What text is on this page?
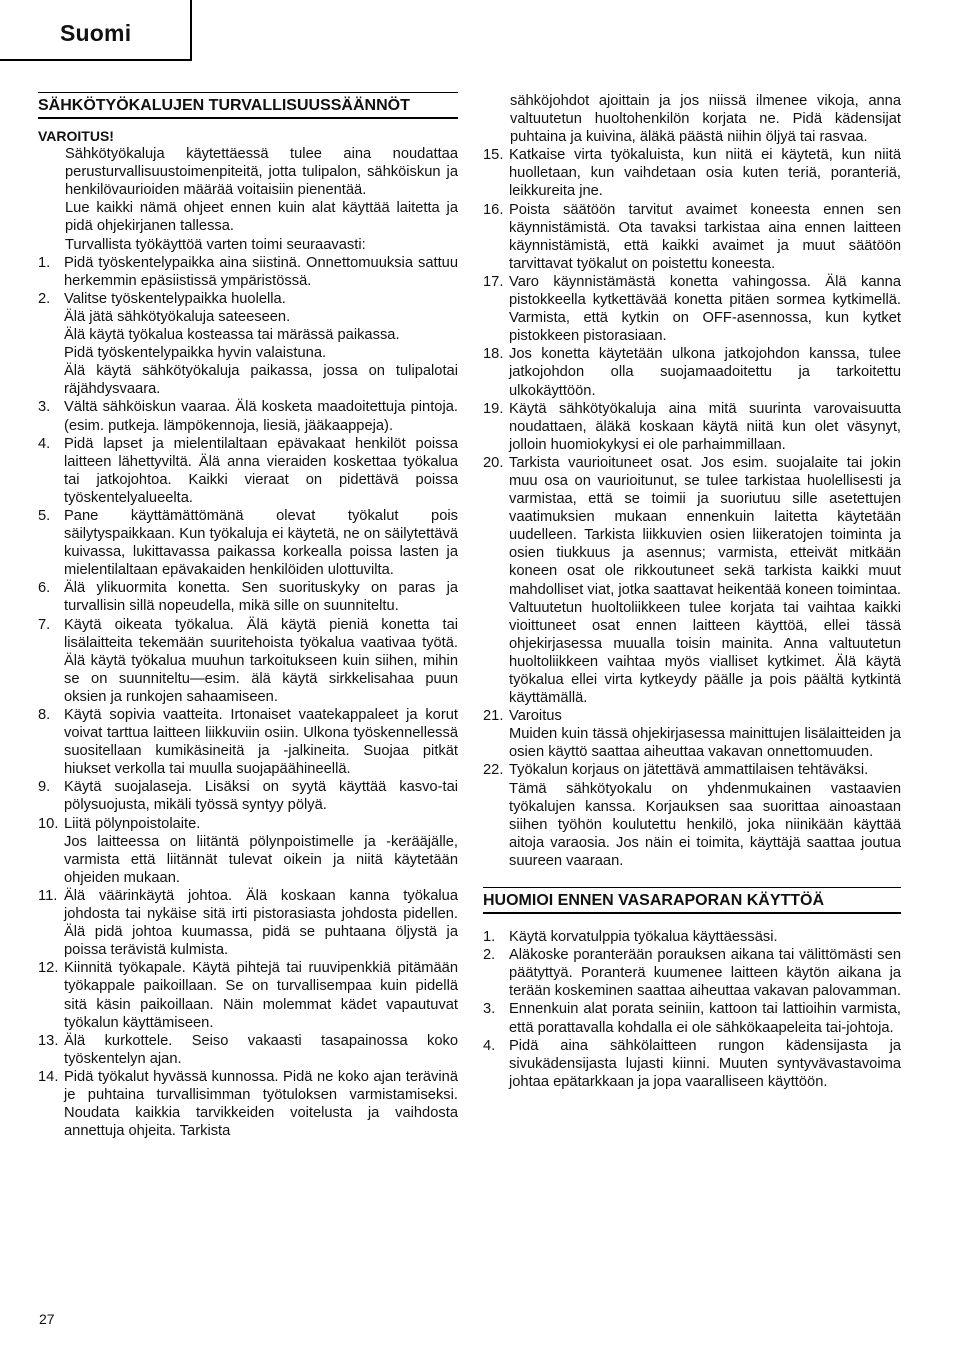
Suomi
SÄHKÖTYÖKALUJEN TURVALLISUUSSÄÄNNÖT

VAROITUS!

Sähkötyökaluja käytettäessä tulee aina noudattaa perusturvallisuustoimenpiteitä, jotta tulipalon, sähköiskun ja henkilövaurioiden määrää voitaisiin pienentää.

Lue kaikki nämä ohjeet ennen kuin alat käyttää laitetta ja pidä ohjekirjanen tallessa.

Turvallista työkäyttöä varten toimi seuraavasti:

1. Pidä työskentelypaikka aina siistinä. Onnettomuuksia sattuu herkemmin epäsiistissä ympäristössä.

2. Valitse työskentelypaikka huolella.

Älä jätä sähkötyökaluja sateeseen.

Älä käytä työkalua kosteassa tai märässä paikassa.

Pidä työskentelypaikka hyvin valaistuna.

Älä käytä sähkötyökaluja paikassa, jossa on tulipalotai räjähdysvaara.

3. Vältä sähköiskun vaaraa. Älä kosketa maadoitettuja pintoja. (esim. putkeja. lämpökennoja, liesiä, jääkaappeja).

4. Pidä lapset ja mielentilaltaan epävakaat henkilöt poissa laitteen lähettyviltä. Älä anna vieraiden koskettaa työkalua tai jatkojohtoa. Kaikki vieraat on pidettävä poissa työskentelyalueelta.

5. Pane käyttämättömänä olevat työkalut pois säilytyspaikkaan. Kun työkaluja ei käytetä, ne on säilytettävä kuivassa, lukittavassa paikassa korkealla poissa lasten ja mielentilaltaan epävakaiden henkilöiden ulottuvilta.

6. Älä ylikuormita konetta. Sen suorituskyky on paras ja turvallisin sillä nopeudella, mikä sille on suunniteltu.

7. Käytä oikeata työkalua. Älä käytä pieniä konetta tai lisälaitteita tekemään suuritehoista työkalua vaativaa työtä. Älä käytä työkalua muuhun tarkoitukseen kuin siihen, mihin se on suunniteltu—esim. älä käytä sirkkelisahaa puun oksien ja runkojen sahaamiseen.

8. Käytä sopivia vaatteita. Irtonaiset vaatekappaleet ja korut voivat tarttua laitteen liikkuviin osiin. Ulkona työskennellessä suositellaan kumikäsineitä ja -jalkineita. Suojaa pitkät hiukset verkolla tai muulla suojapäähineellä.

9. Käytä suojalaseja. Lisäksi on syytä käyttää kasvo-tai pölysuojusta, mikäli työssä syntyy pölyä.

10. Liitä pölynpoistolaite.

Jos laitteessa on liitäntä pölynpoistimelle ja -kerääjälle, varmista että liitännät tulevat oikein ja niitä käytetään ohjeiden mukaan.

11. Älä väärinkäytä johtoa. Älä koskaan kanna työkalua johdosta tai nykäise sitä irti pistorasiasta johdosta pidellen. Älä pidä johtoa kuumassa, pidä se puhtaana öljystä ja poissa terävistä kulmista.

12. Kiinnitä työkapale. Käytä pihtejä tai ruuvipenkkiä pitämään työkappale paikoillaan. Se on turvallisempaa kuin pidellä sitä käsin paikoillaan. Näin molemmat kädet vapautuvat työkalun käyttämiseen.

13. Älä kurkottele. Seiso vakaasti tasapainossa koko työskentelyn ajan.

14. Pidä työkalut hyvässä kunnossa. Pidä ne koko ajan terävinä je puhtaina turvallisimman työtuloksen varmistamiseksi. Noudata kaikkia tarvikkeiden voitelusta ja vaihdosta annettuja ohjeita. Tarkista

sähköjohdot ajoittain ja jos niissä ilmenee vikoja, anna valtuutetun huoltohenkilön korjata ne. Pidä kädensijat puhtaina ja kuivina, äläkä päästä niihin öljyä tai rasvaa.

15. Katkaise virta työkaluista, kun niitä ei käytetä, kun niitä huolletaan, kun vaihdetaan osia kuten teriä, poranteriä, leikkureita jne.

16. Poista säätöön tarvitut avaimet koneesta ennen sen käynnistämistä. Ota tavaksi tarkistaa aina ennen laitteen käynnistämistä, että kaikki avaimet ja muut säätöön tarvittavat työkalut on poistettu koneesta.

17. Varo käynnistämästä konetta vahingossa. Älä kanna pistokkeella kytkettävää konetta pitäen sormea kytkimellä. Varmista, että kytkin on OFF-asennossa, kun kytket pistokkeen pistorasiaan.

18. Jos konetta käytetään ulkona jatkojohdon kanssa, tulee jatkojohdon olla suojamaadoitettu ja tarkoitettu ulkokäyttöön.

19. Käytä sähkötyökaluja aina mitä suurinta varovaisuutta noudattaen, äläkä koskaan käytä niitä kun olet väsynyt, jolloin huomiokykysi ei ole parhaimmillaan.

20. Tarkista vaurioituneet osat. Jos esim. suojalaite tai jokin muu osa on vaurioitunut, se tulee tarkistaa huolellisesti ja varmistaa, että se toimii ja suoriutuu sille asetettujen vaatimuksien mukaan ennenkuin laitetta käytetään uudelleen. Tarkista liikkuvien osien liikeratojen toiminta ja osien tiukkuus ja asennus; varmista, etteivät mitkään koneen osat ole rikkoutuneet sekä tarkista kaikki muut mahdolliset viat, jotka saattavat heikentää koneen toimintaa. Valtuutetun huoltoliikkeen tulee korjata tai vaihtaa kaikki vioittuneet osat ennen laitteen käyttöä, ellei tässä ohjekirjasessa muualla toisin mainita. Anna valtuutetun huoltoliikkeen vaihtaa myös vialliset kytkimet. Älä käytä työkalua ellei virta kytkeydy päälle ja pois päältä kytkintä käyttämällä.

21. Varoitus

Muiden kuin tässä ohjekirjasessa mainittujen lisälaitteiden ja osien käyttö saattaa aiheuttaa vakavan onnettomuuden.

22. Työkalun korjaus on jätettävä ammattilaisen tehtäväksi.

Tämä sähkötyokalu on yhdenmukainen vastaavien työkalujen kanssa. Korjauksen saa suorittaa ainoastaan siihen työhön koulutettu henkilö, joka niinikään käyttää aitoja varaosia. Jos näin ei toimita, käyttäjä saattaa joutua suureen vaaraan.

HUOMIOI ENNEN VASARAPORAN KÄYTTÖÄ
1. Käytä korvatulppia työkalua käyttäessäsi.

2. Aläkoske poranterään porauksen aikana tai välittömästi sen päätyttyä. Poranterä kuumenee laitteen käytön aikana ja terään koskeminen saattaa aiheuttaa vakavan palovamman.

3. Ennenkuin alat porata seiniin, kattoon tai lattioihin varmista, että porattavalla kohdalla ei ole sähkökaapeleita tai-johtoja.

4. Pidä aina sähkölaitteen rungon kädensijasta ja sivukädensijasta lujasti kiinni. Muuten syntyvävastavoima johtaa epätarkkaan ja jopa vaaralliseen käyttöön.

27
